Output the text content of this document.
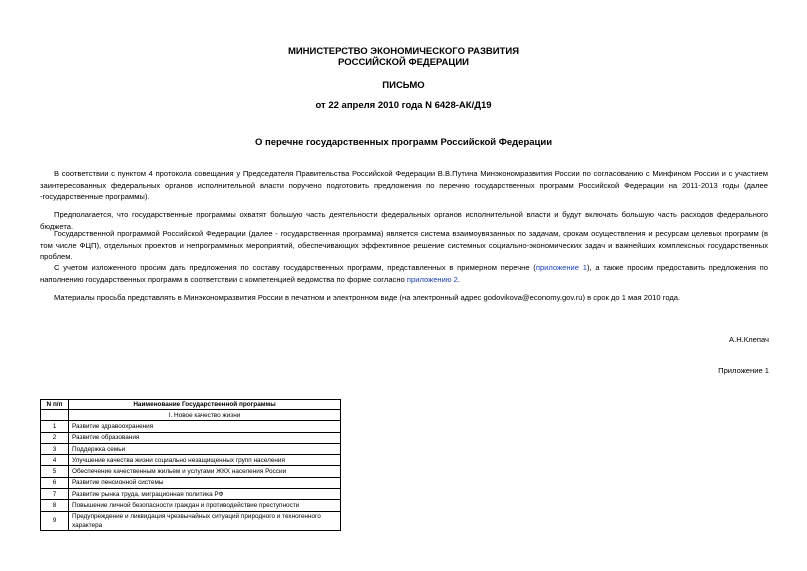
МИНИСТЕРСТВО ЭКОНОМИЧЕСКОГО РАЗВИТИЯ
РОССИЙСКОЙ ФЕДЕРАЦИИ
ПИСЬМО
от 22 апреля 2010 года N 6428-АК/Д19
О перечне государственных программ Российской Федерации

В соответствии с пунктом 4 протокола совещания у Председателя Правительства Российской Федерации В.В.Путина Минэкономразвития России по согласованию с Минфином России и с участием заинтересованных федеральных органов исполнительной власти поручено подготовить предложения по перечню государственных программ Российской Федерации на 2011-2013 годы (далее -государственные программы).

Предполагается, что государственные программы охватят большую часть деятельности федеральных органов исполнительной власти и будут включать большую часть расходов федерального бюджета.

Государственной программой Российской Федерации (далее - государственная программа) является система взаимоувязанных по задачам, срокам осуществления и ресурсам целевых программ (в том числе ФЦП), отдельных проектов и непрограммных мероприятий, обеспечивающих эффективное решение системных социально-экономических задач и важнейших комплексных государственных проблем.

С учетом изложенного просим дать предложения по составу государственных программ, представленных в примерном перечне (приложение 1), а также просим предоставить предложения по наполнению государственных программ в соответствии с компетенцией ведомства по форме согласно приложению 2.

Материалы просьба представлять в Минэкономразвития России в печатном и электронном виде (на электронный адрес godovikova@economy.gov.ru) в срок до 1 мая 2010 года.

А.Н.Клепач
Приложение 1
N п/п	Наименование Государственной программы
	I. Новое качество жизни
1	Развитие здравоохранения
2	Развитие образования
3	Поддержка семьи
4	Улучшение качества жизни социально незащищенных групп населения
5	Обеспечение качественным жильем и услугами ЖКХ населения России
6	Развитие пенсионной системы
7	Развитие рынка труда, миграционная политика РФ
8	Повышение личной безопасности граждан и противодействие преступности
9	Предупреждение и ликвидация чрезвычайных ситуаций природного и техногенного характера
